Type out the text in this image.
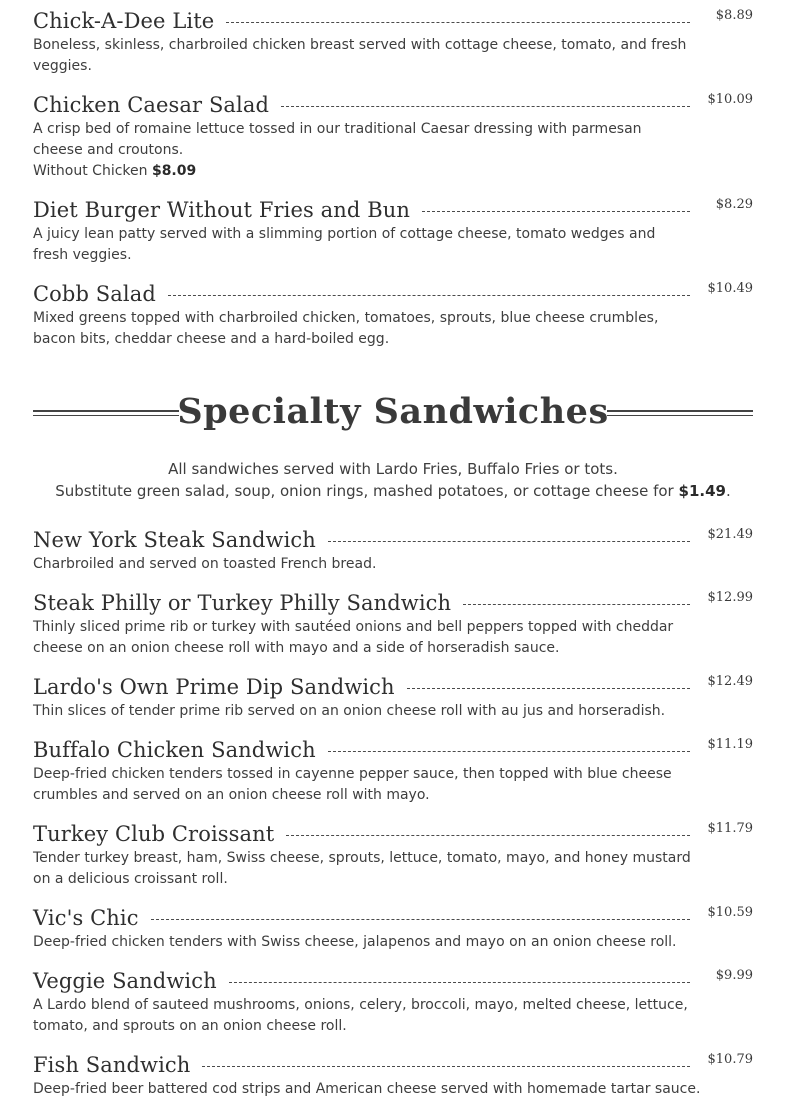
Chick-A-Dee Lite	$8.89
Boneless, skinless, charbroiled chicken breast served with cottage cheese, tomato, and fresh veggies.
Chicken Caesar Salad	$10.09
A crisp bed of romaine lettuce tossed in our traditional Caesar dressing with parmesan cheese and croutons.
Without Chicken $8.09
Diet Burger Without Fries and Bun	$8.29
A juicy lean patty served with a slimming portion of cottage cheese, tomato wedges and fresh veggies.
Cobb Salad	$10.49
Mixed greens topped with charbroiled chicken, tomatoes, sprouts, blue cheese crumbles, bacon bits, cheddar cheese and a hard-boiled egg.
Specialty Sandwiches
All sandwiches served with Lardo Fries, Buffalo Fries or tots.
Substitute green salad, soup, onion rings, mashed potatoes, or cottage cheese for $1.49.
New York Steak Sandwich	$21.49
Charbroiled and served on toasted French bread.
Steak Philly or Turkey Philly Sandwich	$12.99
Thinly sliced prime rib or turkey with sautéed onions and bell peppers topped with cheddar cheese on an onion cheese roll with mayo and a side of horseradish sauce.
Lardo's Own Prime Dip Sandwich	$12.49
Thin slices of tender prime rib served on an onion cheese roll with au jus and horseradish.
Buffalo Chicken Sandwich	$11.19
Deep-fried chicken tenders tossed in cayenne pepper sauce, then topped with blue cheese crumbles and served on an onion cheese roll with mayo.
Turkey Club Croissant	$11.79
Tender turkey breast, ham, Swiss cheese, sprouts, lettuce, tomato, mayo, and honey mustard on a delicious croissant roll.
Vic's Chic	$10.59
Deep-fried chicken tenders with Swiss cheese, jalapenos and mayo on an onion cheese roll.
Veggie Sandwich	$9.99
A Lardo blend of sauteed mushrooms, onions, celery, broccoli, mayo, melted cheese, lettuce, tomato, and sprouts on an onion cheese roll.
Fish Sandwich	$10.79
Deep-fried beer battered cod strips and American cheese served with homemade tartar sauce.
